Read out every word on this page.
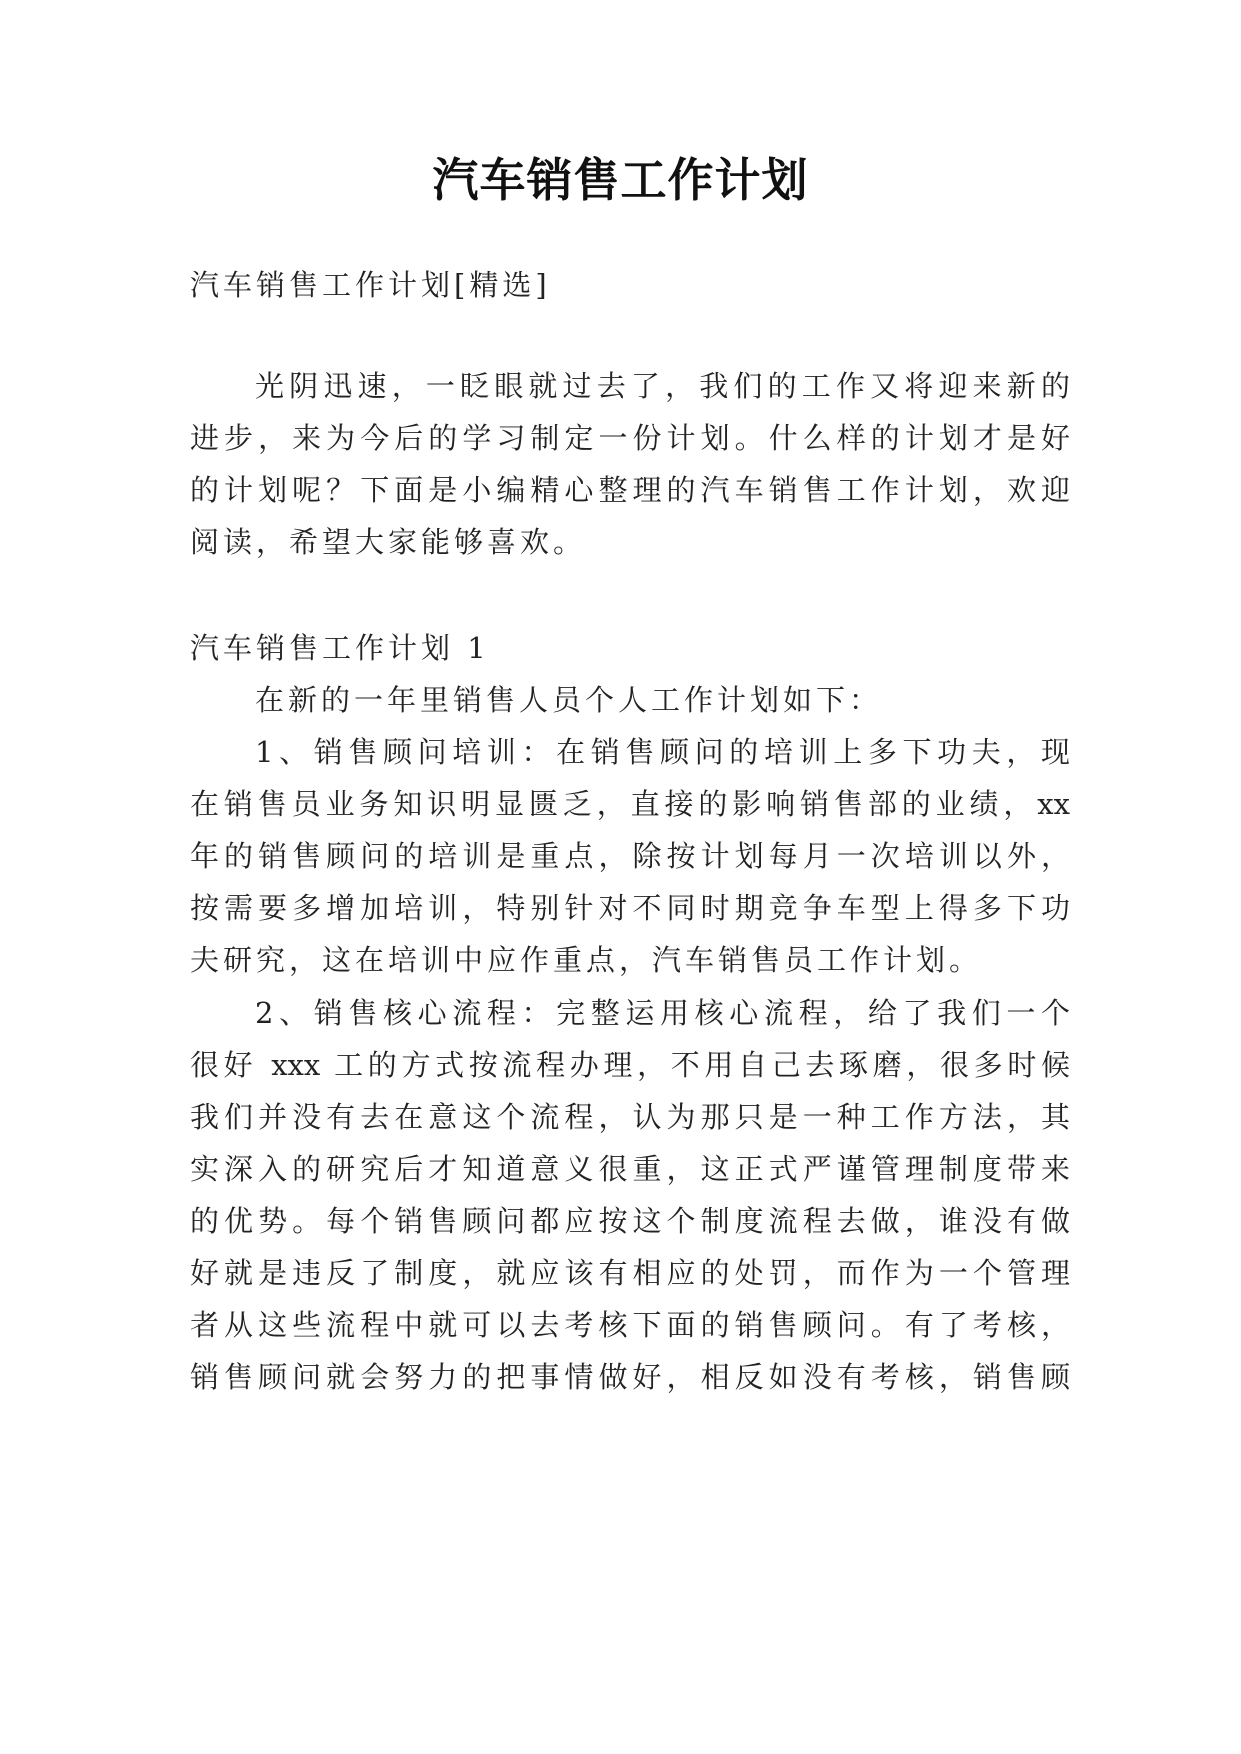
汽车销售工作计划
汽车销售工作计划[精选]
光阴迅速，一眨眼就过去了，我们的工作又将迎来新的
进步，来为今后的学习制定一份计划。什么样的计划才是好
的计划呢？下面是小编精心整理的汽车销售工作计划，欢迎
阅读，希望大家能够喜欢。
汽车销售工作计划 1
在新的一年里销售人员个人工作计划如下：
1、销售顾问培训：在销售顾问的培训上多下功夫，现
在销售员业务知识明显匮乏，直接的影响销售部的业绩，xx
年的销售顾问的培训是重点，除按计划每月一次培训以外，
按需要多增加培训，特别针对不同时期竞争车型上得多下功
夫研究，这在培训中应作重点，汽车销售员工作计划。
2、销售核心流程：完整运用核心流程，给了我们一个
很好 xxx 工的方式按流程办理，不用自己去琢磨，很多时候
我们并没有去在意这个流程，认为那只是一种工作方法，其
实深入的研究后才知道意义很重，这正式严谨管理制度带来
的优势。每个销售顾问都应按这个制度流程去做，谁没有做
好就是违反了制度，就应该有相应的处罚，而作为一个管理
者从这些流程中就可以去考核下面的销售顾问。有了考核，
销售顾问就会努力的把事情做好，相反如没有考核，销售顾
